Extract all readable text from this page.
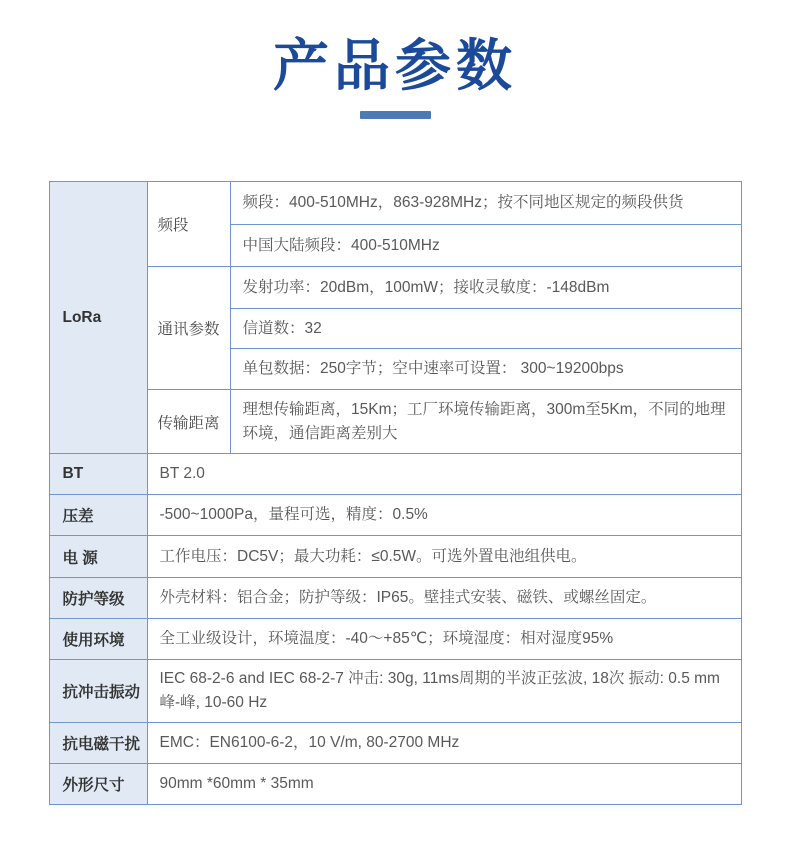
产品参数
LoRa	频段	频段：400-510MHz，863-928MHz；按不同地区规定的频段供货
		中国大陆频段：400-510MHz
	通讯参数	发射功率：20dBm，100mW；接收灵敏度：-148dBm
		信道数：32
		单包数据：250字节；空中速率可设置： 300~19200bps
	传输距离	理想传输距离，15Km；工厂环境传输距离，300m至5Km，不同的地理环境，通信距离差别大
BT	BT 2.0	
压差	-500~1000Pa，量程可选，精度：0.5%	
电 源	工作电压：DC5V；最大功耗：≤0.5W。可选外置电池组供电。	
防护等级	外壳材料：铝合金；防护等级：IP65。壁挂式安装、磁铁、或螺丝固定。	
使用环境	全工业级设计，环境温度：-40～+85℃；环境湿度：相对湿度95%	
抗冲击振动	IEC 68-2-6 and IEC 68-2-7 冲击: 30g, 11ms周期的半波正弦波, 18次 振动: 0.5 mm 峰-峰, 10-60 Hz	
抗电磁干扰	EMC：EN6100-6-2，10 V/m, 80-2700 MHz	
外形尺寸	90mm *60mm * 35mm	
